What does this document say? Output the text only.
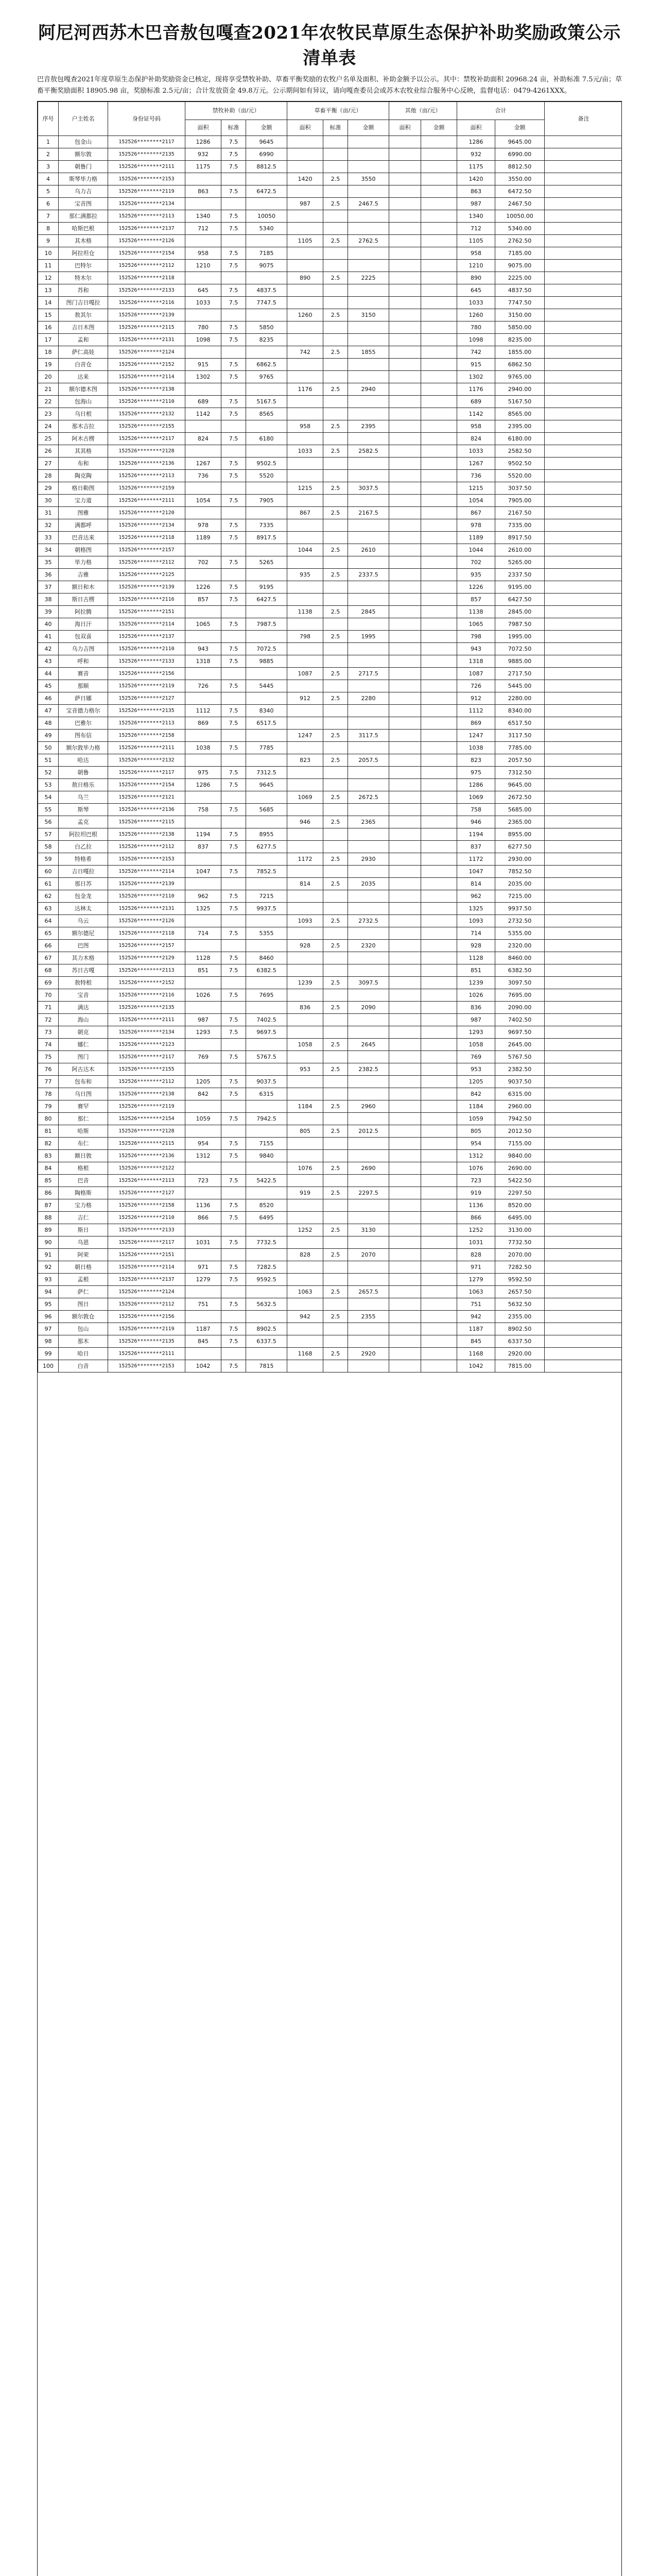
阿尼河西苏木巴音敖包嘎查2021年农牧民草原生态保护补助奖励政策公示清单表
巴音敖包嘎查2021年度草原生态保护补助奖励资金已核定，现将享受禁牧补助、草畜平衡奖励的农牧户名单及面积、补助金额予以公示。其中：禁牧补助面积 20968.24 亩，补助标准 7.5元/亩；草畜平衡奖励面积 18905.98 亩，奖励标准 2.5元/亩；合计发放资金 49.8万元。公示期间如有异议，请向嘎查委员会或苏木农牧业综合服务中心反映，监督电话：0479-4261XXX。
序号	户主姓名	身份证号码	禁牧补助（亩/元）			草畜平衡（亩/元）			其他（亩/元）		合计		备注
			面积	标准	金额	面积	标准	金额	面积	金额	面积	金额	
1	包金山	152526********2117	1286	7.5	9645						1286	9645.00	
2	额尔敦	152526********2135	932	7.5	6990						932	6990.00	
3	朝鲁门	152526********2111	1175	7.5	8812.5						1175	8812.50	
4	斯琴毕力格	152526********2153				1420	2.5	3550			1420	3550.00	
5	乌力吉	152526********2119	863	7.5	6472.5						863	6472.50	
6	宝音图	152526********2134				987	2.5	2467.5			987	2467.50	
7	那仁满都拉	152526********2113	1340	7.5	10050						1340	10050.00	
8	哈斯巴根	152526********2137	712	7.5	5340						712	5340.00	
9	其木格	152526********2126				1105	2.5	2762.5			1105	2762.50	
10	阿拉坦仓	152526********2154	958	7.5	7185						958	7185.00	
11	巴特尔	152526********2112	1210	7.5	9075						1210	9075.00	
12	特木尔	152526********2118				890	2.5	2225			890	2225.00	
13	苏和	152526********2133	645	7.5	4837.5						645	4837.50	
14	图门吉日嘎拉	152526********2116	1033	7.5	7747.5						1033	7747.50	
15	敖其尔	152526********2139				1260	2.5	3150			1260	3150.00	
16	吉日木图	152526********2115	780	7.5	5850						780	5850.00	
17	孟和	152526********2131	1098	7.5	8235						1098	8235.00	
18	萨仁高娃	152526********2124				742	2.5	1855			742	1855.00	
19	白音仓	152526********2152	915	7.5	6862.5						915	6862.50	
20	达来	152526********2114	1302	7.5	9765						1302	9765.00	
21	额尔德木图	152526********2138				1176	2.5	2940			1176	2940.00	
22	包海山	152526********2110	689	7.5	5167.5						689	5167.50	
23	乌日根	152526********2132	1142	7.5	8565						1142	8565.00	
24	那木吉拉	152526********2155				958	2.5	2395			958	2395.00	
25	阿木古楞	152526********2117	824	7.5	6180						824	6180.00	
26	其其格	152526********2128				1033	2.5	2582.5			1033	2582.50	
27	布和	152526********2136	1267	7.5	9502.5						1267	9502.50	
28	陶克陶	152526********2113	736	7.5	5520						736	5520.00	
29	格日勒图	152526********2159				1215	2.5	3037.5			1215	3037.50	
30	宝力道	152526********2111	1054	7.5	7905						1054	7905.00	
31	图雅	152526********2120				867	2.5	2167.5			867	2167.50	
32	满都呼	152526********2134	978	7.5	7335						978	7335.00	
33	巴音达来	152526********2118	1189	7.5	8917.5						1189	8917.50	
34	朝格图	152526********2157				1044	2.5	2610			1044	2610.00	
35	毕力格	152526********2112	702	7.5	5265						702	5265.00	
36	吉雅	152526********2125				935	2.5	2337.5			935	2337.50	
37	额日和木	152526********2139	1226	7.5	9195						1226	9195.00	
38	斯日古楞	152526********2116	857	7.5	6427.5						857	6427.50	
39	阿拉腾	152526********2151				1138	2.5	2845			1138	2845.00	
40	海日汗	152526********2114	1065	7.5	7987.5						1065	7987.50	
41	包双喜	152526********2137				798	2.5	1995			798	1995.00	
42	乌力吉图	152526********2110	943	7.5	7072.5						943	7072.50	
43	呼和	152526********2133	1318	7.5	9885						1318	9885.00	
44	赛音	152526********2156				1087	2.5	2717.5			1087	2717.50	
45	那顺	152526********2119	726	7.5	5445						726	5445.00	
46	萨日娜	152526********2127				912	2.5	2280			912	2280.00	
47	宝音德力格尔	152526********2135	1112	7.5	8340						1112	8340.00	
48	巴雅尔	152526********2113	869	7.5	6517.5						869	6517.50	
49	图布信	152526********2158				1247	2.5	3117.5			1247	3117.50	
50	额尔敦毕力格	152526********2111	1038	7.5	7785						1038	7785.00	
51	哈达	152526********2132				823	2.5	2057.5			823	2057.50	
52	朝鲁	152526********2117	975	7.5	7312.5						975	7312.50	
53	敖日格乐	152526********2154	1286	7.5	9645						1286	9645.00	
54	乌兰	152526********2121				1069	2.5	2672.5			1069	2672.50	
55	斯琴	152526********2136	758	7.5	5685						758	5685.00	
56	孟克	152526********2115				946	2.5	2365			946	2365.00	
57	阿拉坦巴根	152526********2138	1194	7.5	8955						1194	8955.00	
58	白乙拉	152526********2112	837	7.5	6277.5						837	6277.50	
59	特格希	152526********2153				1172	2.5	2930			1172	2930.00	
60	吉日嘎拉	152526********2114	1047	7.5	7852.5						1047	7852.50	
61	那日苏	152526********2139				814	2.5	2035			814	2035.00	
62	包金龙	152526********2110	962	7.5	7215						962	7215.00	
63	达林太	152526********2131	1325	7.5	9937.5						1325	9937.50	
64	乌云	152526********2126				1093	2.5	2732.5			1093	2732.50	
65	额尔德尼	152526********2118	714	7.5	5355						714	5355.00	
66	巴图	152526********2157				928	2.5	2320			928	2320.00	
67	其力木格	152526********2129	1128	7.5	8460						1128	8460.00	
68	苏日古嘎	152526********2113	851	7.5	6382.5						851	6382.50	
69	敖特根	152526********2152				1239	2.5	3097.5			1239	3097.50	
70	宝音	152526********2116	1026	7.5	7695						1026	7695.00	
71	满达	152526********2135				836	2.5	2090			836	2090.00	
72	海山	152526********2111	987	7.5	7402.5						987	7402.50	
73	朝克	152526********2134	1293	7.5	9697.5						1293	9697.50	
74	娜仁	152526********2123				1058	2.5	2645			1058	2645.00	
75	图门	152526********2117	769	7.5	5767.5						769	5767.50	
76	阿古达木	152526********2155				953	2.5	2382.5			953	2382.50	
77	包布和	152526********2112	1205	7.5	9037.5						1205	9037.50	
78	乌日图	152526********2138	842	7.5	6315						842	6315.00	
79	赛罕	152526********2119				1184	2.5	2960			1184	2960.00	
80	那仁	152526********2154	1059	7.5	7942.5						1059	7942.50	
81	哈斯	152526********2128				805	2.5	2012.5			805	2012.50	
82	布仁	152526********2115	954	7.5	7155						954	7155.00	
83	额日敦	152526********2136	1312	7.5	9840						1312	9840.00	
84	格根	152526********2122				1076	2.5	2690			1076	2690.00	
85	巴音	152526********2113	723	7.5	5422.5						723	5422.50	
86	陶格斯	152526********2127				919	2.5	2297.5			919	2297.50	
87	宝力格	152526********2158	1136	7.5	8520						1136	8520.00	
88	吉仁	152526********2110	866	7.5	6495						866	6495.00	
89	斯日	152526********2133				1252	2.5	3130			1252	3130.00	
90	乌恩	152526********2117	1031	7.5	7732.5						1031	7732.50	
91	阿荣	152526********2151				828	2.5	2070			828	2070.00	
92	朝日格	152526********2114	971	7.5	7282.5						971	7282.50	
93	孟根	152526********2137	1279	7.5	9592.5						1279	9592.50	
94	萨仁	152526********2124				1063	2.5	2657.5			1063	2657.50	
95	图日	152526********2112	751	7.5	5632.5						751	5632.50	
96	额尔敦仓	152526********2156				942	2.5	2355			942	2355.00	
97	包山	152526********2119	1187	7.5	8902.5						1187	8902.50	
98	那木	152526********2135	845	7.5	6337.5						845	6337.50	
99	哈日	152526********2111				1168	2.5	2920			1168	2920.00	
100	白音	152526********2153	1042	7.5	7815						1042	7815.00	
